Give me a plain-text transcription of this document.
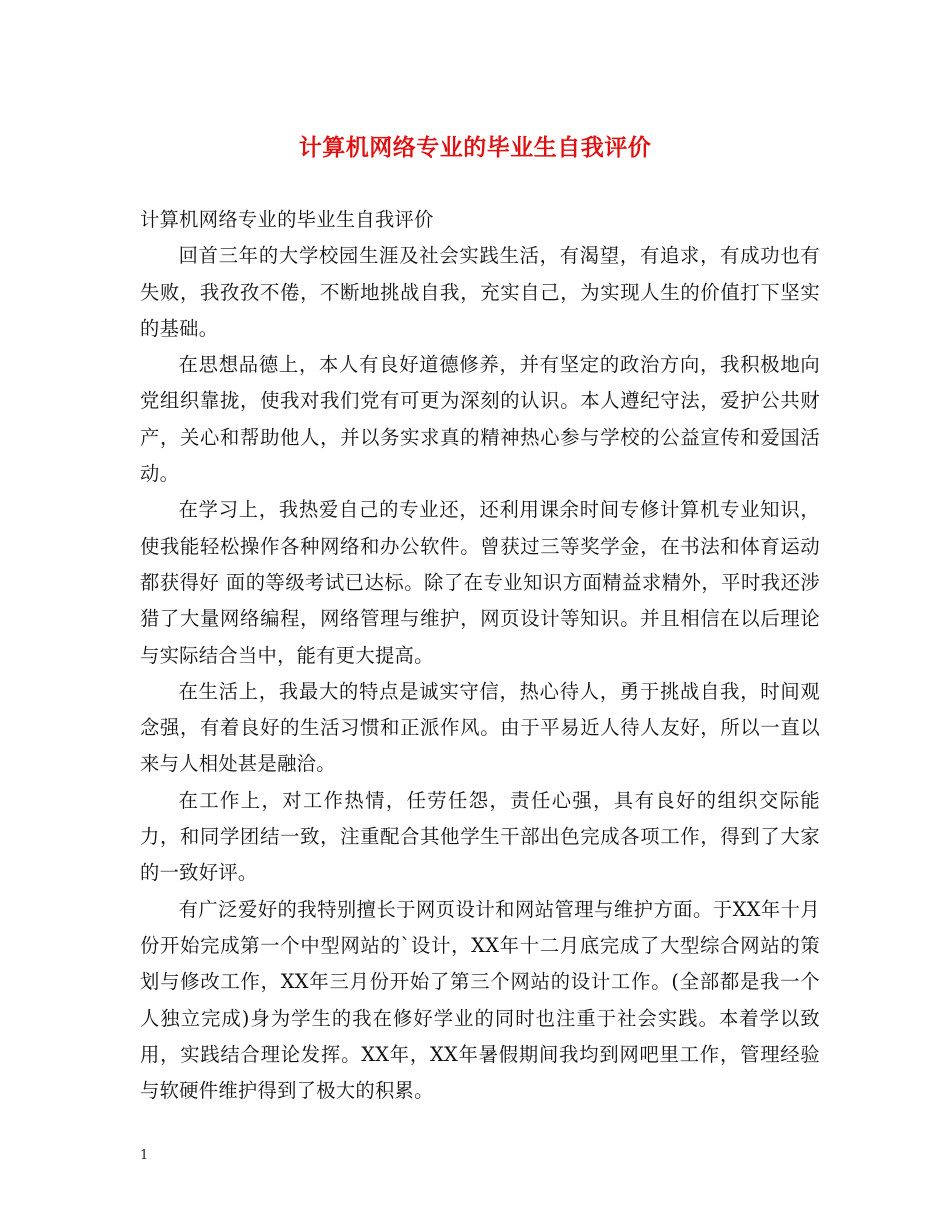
计算机网络专业的毕业生自我评价

计算机网络专业的毕业生自我评价

回首三年的大学校园生涯及社会实践生活，有渴望，有追求，有成功也有失败，我孜孜不倦，不断地挑战自我，充实自己，为实现人生的价值打下坚实的基础。

在思想品德上，本人有良好道德修养，并有坚定的政治方向，我积极地向党组织靠拢，使我对我们党有可更为深刻的认识。本人遵纪守法，爱护公共财产，关心和帮助他人，并以务实求真的精神热心参与学校的公益宣传和爱国活动。

在学习上，我热爱自己的专业还，还利用课余时间专修计算机专业知识，使我能轻松操作各种网络和办公软件。曾获过三等奖学金，在书法和体育运动都获得好 面的等级考试已达标。除了在专业知识方面精益求精外，平时我还涉猎了大量网络编程，网络管理与维护，网页设计等知识。并且相信在以后理论与实际结合当中，能有更大提高。

在生活上，我最大的特点是诚实守信，热心待人，勇于挑战自我，时间观念强，有着良好的生活习惯和正派作风。由于平易近人待人友好，所以一直以来与人相处甚是融洽。

在工作上，对工作热情，任劳任怨，责任心强，具有良好的组织交际能力，和同学团结一致，注重配合其他学生干部出色完成各项工作，得到了大家的一致好评。

有广泛爱好的我特别擅长于网页设计和网站管理与维护方面。于XX年十月份开始完成第一个中型网站的`设计，XX年十二月底完成了大型综合网站的策划与修改工作，XX年三月份开始了第三个网站的设计工作。(全部都是我一个人独立完成)身为学生的我在修好学业的同时也注重于社会实践。本着学以致用，实践结合理论发挥。XX年，XX年暑假期间我均到网吧里工作，管理经验与软硬件维护得到了极大的积累。

1
